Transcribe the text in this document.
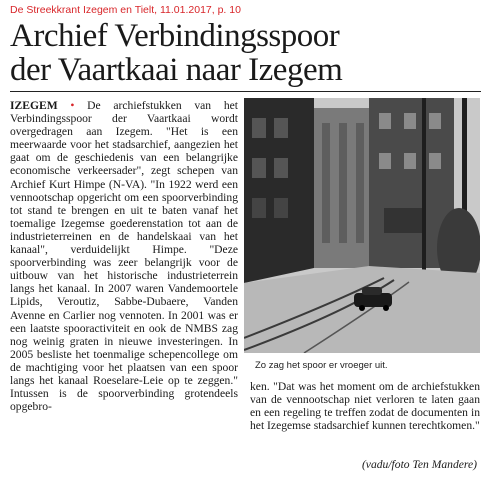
De Streekkrant Izegem en Tielt, 11.01.2017, p. 10
Archief Verbindingsspoor
der Vaartkaai naar Izegem

IZEGEM • De archiefstukken van het Verbindingsspoor der Vaartkaai wordt overgedragen aan Izegem. "Het is een meerwaarde voor het stadsarchief, aangezien het gaat om de geschiedenis van een belangrijke economische verkeersader", zegt schepen van Archief Kurt Himpe (N-VA). "In 1922 werd een vennootschap opgericht om een spoorverbinding tot stand te brengen en uit te baten vanaf het toemalige Izegemse goederenstation tot aan de industrieterreinen en de handelskaai van het kanaal", verduidelijkt Himpe. "Deze spoorverbinding was zeer belangrijk voor de uitbouw van het historische industrieterrein langs het kanaal. In 2007 waren Vandemoortele Lipids, Veroutiz, Sabbe-Dubaere, Vanden Avenne en Carlier nog vennoten. In 2001 was er een laatste spooractiviteit en ook de NMBS zag nog weinig graten in nieuwe investeringen. In 2005 besliste het toenmalige schepencollege om de machtiging voor het plaatsen van een spoor langs het kanaal Roeselare-Leie op te zeggen." Intussen is de spoorverbinding grotendeels opgebro-

Zo zag het spoor er vroeger uit.

ken. "Dat was het moment om de archiefstukken van de vennootschap niet verloren te laten gaan en een regeling te treffen zodat de documenten in het Izegemse stadsarchief kunnen terechtkomen."

(vadu/foto Ten Mandere)
